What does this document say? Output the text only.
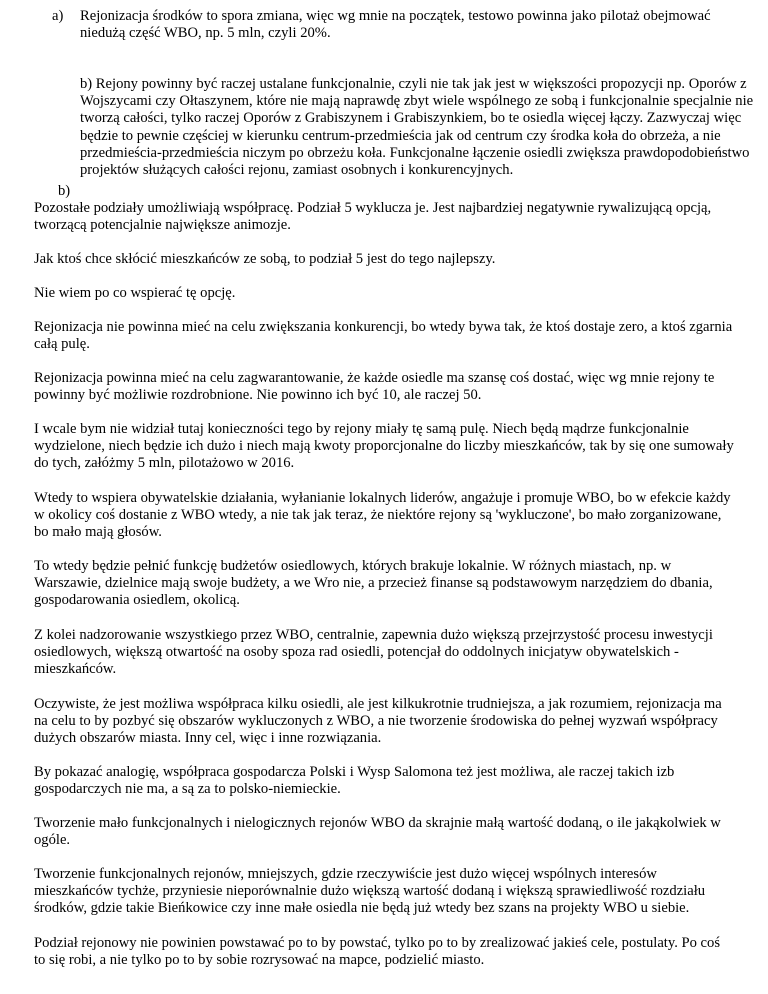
a)	Rejonizacja środków to spora zmiana, więc wg mnie na początek, testowo powinna jako pilotaż obejmować niedużą część WBO, np. 5 mln, czyli 20%.
b) Rejony powinny być raczej ustalane funkcjonalnie, czyli nie tak jak jest w większości propozycji np. Oporów z Wojszycami czy Ołtaszynem, które nie mają naprawdę zbyt wiele wspólnego ze sobą i funkcjonalnie specjalnie nie tworzą całości, tylko raczej Oporów z Grabiszynem i Grabiszynkiem, bo te osiedla więcej łączy. Zazwyczaj więc będzie to pewnie częściej w kierunku centrum-przedmieścia jak od centrum czy środka koła do obrzeża, a nie przedmieścia-przedmieścia niczym po obrzeżu koła. Funkcjonalne łączenie osiedli zwiększa prawdopodobieństwo projektów służących całości rejonu, zamiast osobnych i konkurencyjnych.
b)

Pozostałe podziały umożliwiają współpracę. Podział 5 wyklucza je. Jest najbardziej negatywnie rywalizującą opcją, tworzącą potencjalnie największe animozje.

Jak ktoś chce skłócić mieszkańców ze sobą, to podział 5 jest do tego najlepszy.

Nie wiem po co wspierać tę opcję.

Rejonizacja nie powinna mieć na celu zwiększania konkurencji, bo wtedy bywa tak, że ktoś dostaje zero, a ktoś zgarnia całą pulę.

Rejonizacja powinna mieć na celu zagwarantowanie, że każde osiedle ma szansę coś dostać, więc wg mnie rejony te powinny być możliwie rozdrobnione. Nie powinno ich być 10, ale raczej 50.

I wcale bym nie widział tutaj konieczności tego by rejony miały tę samą pulę. Niech będą mądrze funkcjonalnie wydzielone, niech będzie ich dużo i niech mają kwoty proporcjonalne do liczby mieszkańców, tak by się one sumowały do tych, załóżmy 5 mln, pilotażowo w 2016.

Wtedy to wspiera obywatelskie działania, wyłanianie lokalnych liderów, angażuje i promuje WBO, bo w efekcie każdy w okolicy coś dostanie z WBO wtedy, a nie tak jak teraz, że niektóre rejony są 'wykluczone', bo mało zorganizowane, bo mało mają głosów.

To wtedy będzie pełnić funkcję budżetów osiedlowych, których brakuje lokalnie. W różnych miastach, np. w Warszawie, dzielnice mają swoje budżety, a we Wro nie, a przecież finanse są podstawowym narzędziem do dbania, gospodarowania osiedlem, okolicą.

Z kolei nadzorowanie wszystkiego przez WBO, centralnie, zapewnia dużo większą przejrzystość procesu inwestycji osiedlowych, większą otwartość na osoby spoza rad osiedli, potencjał do oddolnych inicjatyw obywatelskich - mieszkańców.

Oczywiste, że jest możliwa współpraca kilku osiedli, ale jest kilkukrotnie trudniejsza, a jak rozumiem, rejonizacja ma na celu to by pozbyć się obszarów wykluczonych z WBO, a nie tworzenie środowiska do pełnej wyzwań współpracy dużych obszarów miasta. Inny cel, więc i inne rozwiązania.

By pokazać analogię, współpraca gospodarcza Polski i Wysp Salomona też jest możliwa, ale raczej takich izb gospodarczych nie ma, a są za to polsko-niemieckie.

Tworzenie mało funkcjonalnych i nielogicznych rejonów WBO da skrajnie małą wartość dodaną, o ile jakąkolwiek w ogóle.

Tworzenie funkcjonalnych rejonów, mniejszych, gdzie rzeczywiście jest dużo więcej wspólnych interesów mieszkańców tychże, przyniesie nieporównalnie dużo większą wartość dodaną i większą sprawiedliwość rozdziału środków, gdzie takie Bieńkowice czy inne małe osiedla nie będą już wtedy bez szans na projekty WBO u siebie.

Podział rejonowy nie powinien powstawać po to by powstać, tylko po to by zrealizować jakieś cele, postulaty. Po coś to się robi, a nie tylko po to by sobie rozrysować na mapce, podzielić miasto.
